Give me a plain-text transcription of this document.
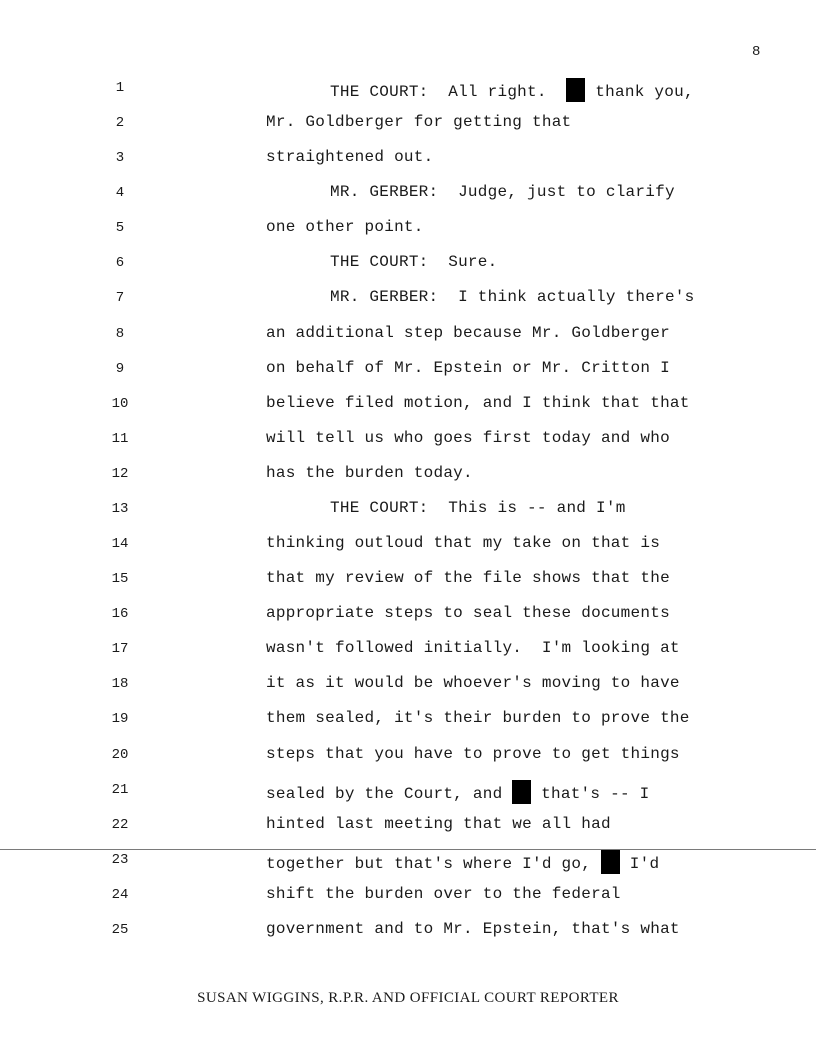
8
1	THE COURT:  All right.   thank you,
2	Mr. Goldberger for getting that
3	straightened out.
4	MR. GERBER:  Judge, just to clarify
5	one other point.
6	THE COURT:  Sure.
7	MR. GERBER:  I think actually there's
8	an additional step because Mr. Goldberger
9	on behalf of Mr. Epstein or Mr. Critton I
10	believe filed motion, and I think that that
11	will tell us who goes first today and who
12	has the burden today.
13	THE COURT:  This is -- and I'm
14	thinking outloud that my take on that is
15	that my review of the file shows that the
16	appropriate steps to seal these documents
17	wasn't followed initially.  I'm looking at
18	it as it would be whoever's moving to have
19	them sealed, it's their burden to prove the
20	steps that you have to prove to get things
21	sealed by the Court, and  that's -- I
22	hinted last meeting that we all had
23	together but that's where I'd go,  I'd
24	shift the burden over to the federal
25	government and to Mr. Epstein, that's what
SUSAN WIGGINS, R.P.R. AND OFFICIAL COURT REPORTER
